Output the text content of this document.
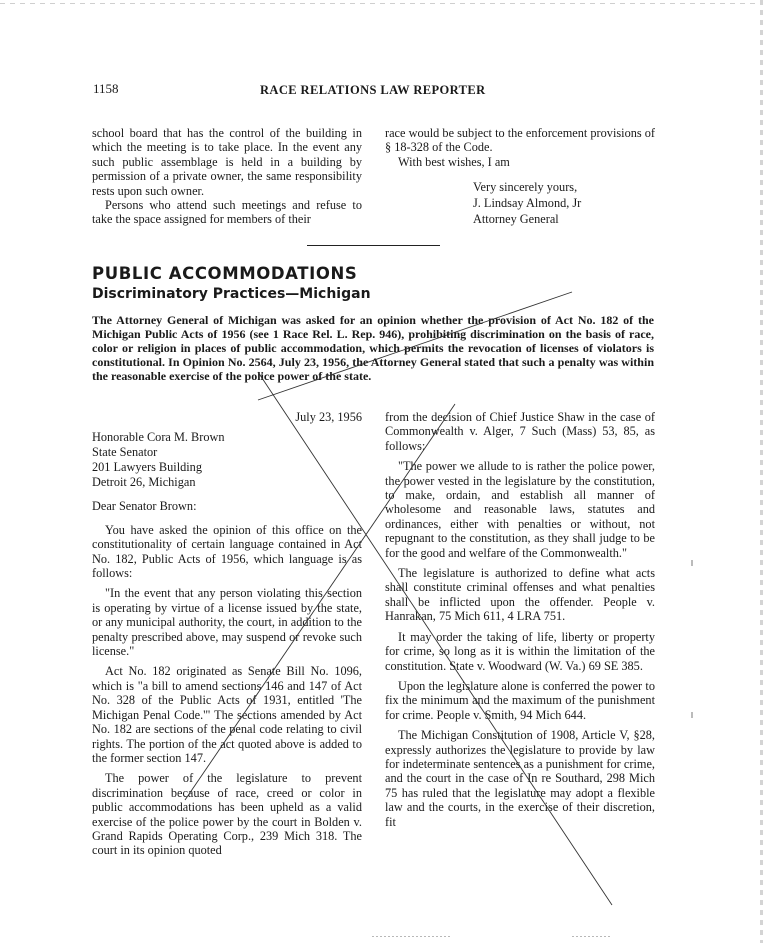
1158	RACE RELATIONS LAW REPORTER

school board that has the control of the building in which the meeting is to take place. In the event any such public assemblage is held in a building by permission of a private owner, the same responsibility rests upon such owner.

Persons who attend such meetings and refuse to take the space assigned for members of their

race would be subject to the enforcement provisions of § 18-328 of the Code.

With best wishes, I am

Very sincerely yours,
J. Lindsay Almond, Jr
Attorney General
PUBLIC ACCOMMODATIONS
Discriminatory Practices—Michigan
The Attorney General of Michigan was asked for an opinion whether the provision of Act No. 182 of the Michigan Public Acts of 1956 (see 1 Race Rel. L. Rep. 946), prohibiting discrimination on the basis of race, color or religion in places of public accommodation, which permits the revocation of licenses of violators is constitutional. In Opinion No. 2564, July 23, 1956, the Attorney General stated that such a penalty was within the reasonable exercise of the police power of the state.
July 23, 1956
Honorable Cora M. Brown
State Senator
201 Lawyers Building
Detroit 26, Michigan
Dear Senator Brown:

You have asked the opinion of this office on the constitutionality of certain language contained in Act No. 182, Public Acts of 1956, which language is as follows:

"In the event that any person violating this section is operating by virtue of a license issued by the state, or any municipal authority, the court, in addition to the penalty prescribed above, may suspend or revoke such license."

Act No. 182 originated as Senate Bill No. 1096, which is "a bill to amend sections 146 and 147 of Act No. 328 of the Public Acts of 1931, entitled 'The Michigan Penal Code.'" The sections amended by Act No. 182 are sections of the penal code relating to civil rights. The portion of the act quoted above is added to the former section 147.

The power of the legislature to prevent discrimination because of race, creed or color in public accommodations has been upheld as a valid exercise of the police power by the court in Bolden v. Grand Rapids Operating Corp., 239 Mich 318. The court in its opinion quoted

from the decision of Chief Justice Shaw in the case of Commonwealth v. Alger, 7 Such (Mass) 53, 85, as follows:

"The power we allude to is rather the police power, the power vested in the legislature by the constitution, to make, ordain, and establish all manner of wholesome and reasonable laws, statutes and ordinances, either with penalties or without, not repugnant to the constitution, as they shall judge to be for the good and welfare of the Commonwealth."

The legislature is authorized to define what acts shall constitute criminal offenses and what penalties shall be inflicted upon the offender. People v. Hanrakan, 75 Mich 611, 4 LRA 751.

It may order the taking of life, liberty or property for crime, so long as it is within the limitation of the constitution. State v. Woodward (W. Va.) 69 SE 385.

Upon the legislature alone is conferred the power to fix the minimum and the maximum of the punishment for crime. People v. Smith, 94 Mich 644.

The Michigan Constitution of 1908, Article V, §28, expressly authorizes the legislature to provide by law for indeterminate sentences as a punishment for crime, and the court in the case of In re Southard, 298 Mich 75 has ruled that the legislature may adopt a flexible law and the courts, in the exercise of their discretion, fit
